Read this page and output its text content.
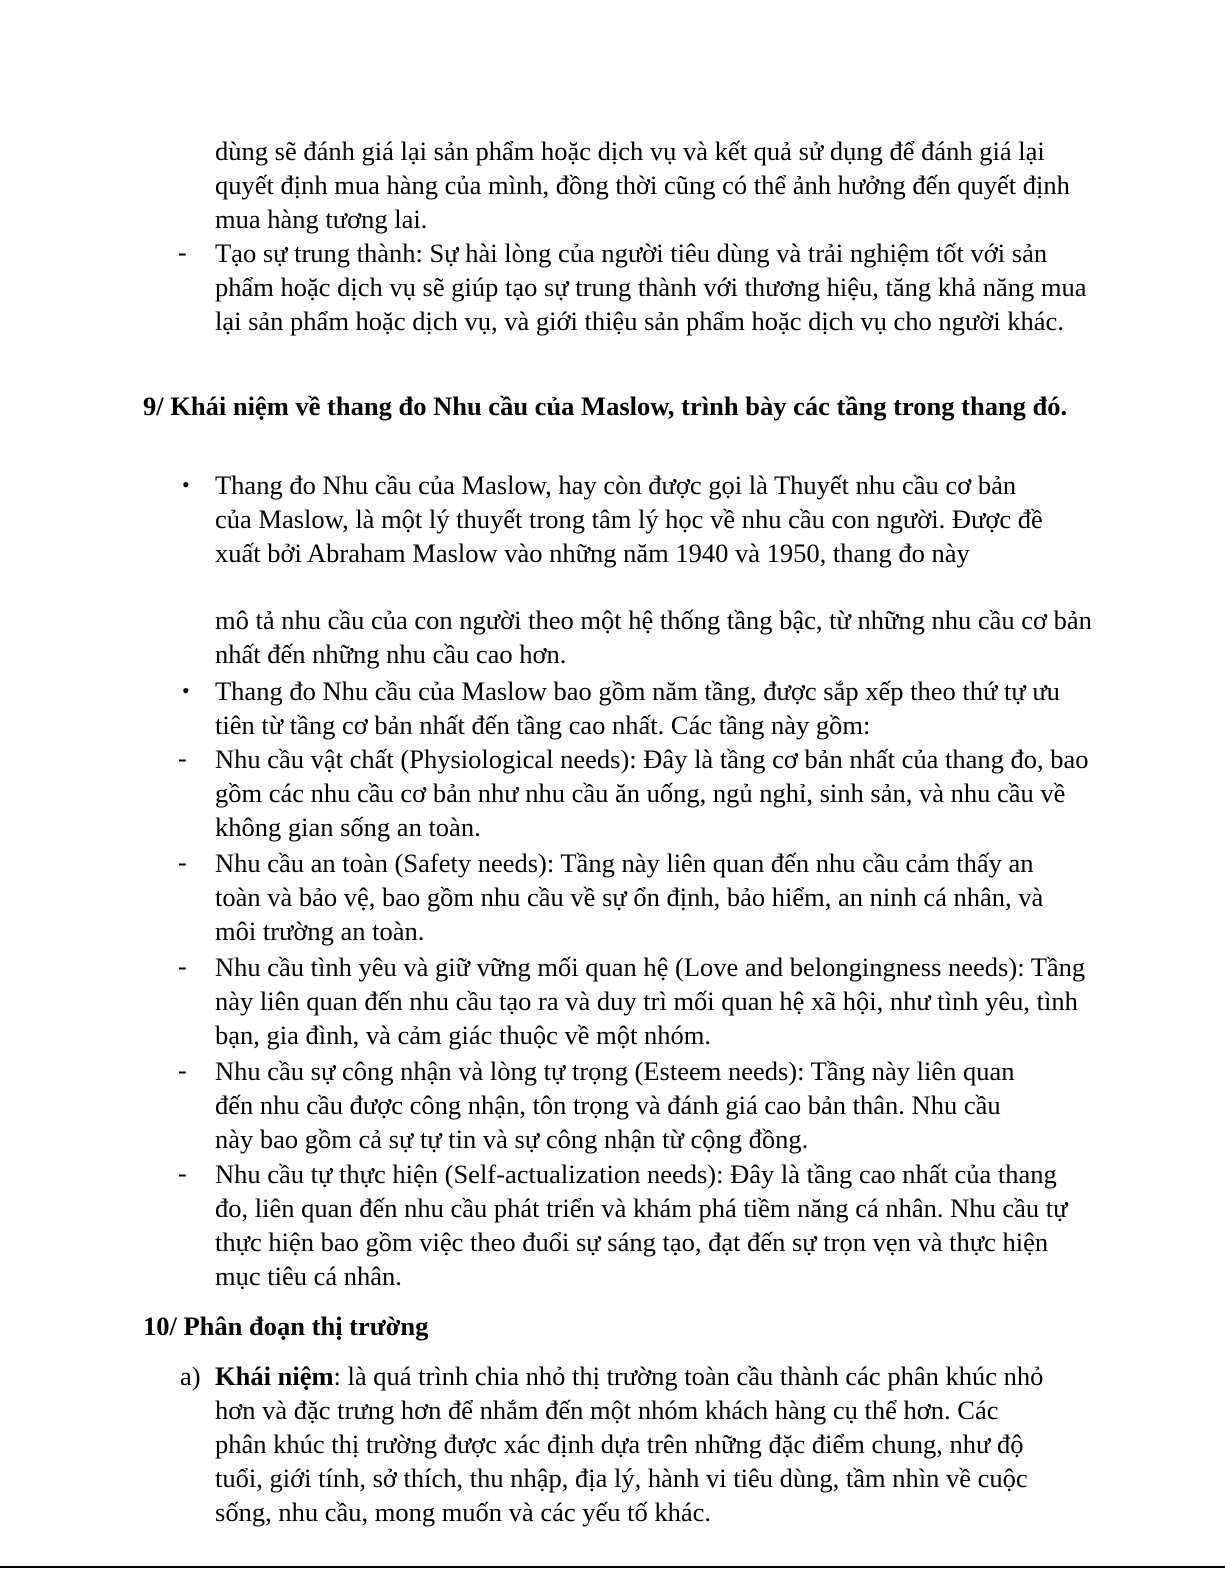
dùng sẽ đánh giá lại sản phẩm hoặc dịch vụ và kết quả sử dụng để đánh giá lại quyết định mua hàng của mình, đồng thời cũng có thể ảnh hưởng đến quyết định mua hàng tương lai.

-	Tạo sự trung thành: Sự hài lòng của người tiêu dùng và trải nghiệm tốt với sản phẩm hoặc dịch vụ sẽ giúp tạo sự trung thành với thương hiệu, tăng khả năng mua lại sản phẩm hoặc dịch vụ, và giới thiệu sản phẩm hoặc dịch vụ cho người khác.

9/ Khái niệm về thang đo Nhu cầu của Maslow, trình bày các tầng trong thang đó.

• Thang đo Nhu cầu của Maslow, hay còn được gọi là Thuyết nhu cầu cơ bản của Maslow, là một lý thuyết trong tâm lý học về nhu cầu con người. Được đề xuất bởi Abraham Maslow vào những năm 1940 và 1950, thang đo này

mô tả nhu cầu của con người theo một hệ thống tầng bậc, từ những nhu cầu cơ bản nhất đến những nhu cầu cao hơn.

• Thang đo Nhu cầu của Maslow bao gồm năm tầng, được sắp xếp theo thứ tự ưu tiên từ tầng cơ bản nhất đến tầng cao nhất. Các tầng này gồm:

-	Nhu cầu vật chất (Physiological needs): Đây là tầng cơ bản nhất của thang đo, bao gồm các nhu cầu cơ bản như nhu cầu ăn uống, ngủ nghỉ, sinh sản, và nhu cầu về không gian sống an toàn.

-	Nhu cầu an toàn (Safety needs): Tầng này liên quan đến nhu cầu cảm thấy an toàn và bảo vệ, bao gồm nhu cầu về sự ổn định, bảo hiểm, an ninh cá nhân, và môi trường an toàn.

-	Nhu cầu tình yêu và giữ vững mối quan hệ (Love and belongingness needs): Tầng này liên quan đến nhu cầu tạo ra và duy trì mối quan hệ xã hội, như tình yêu, tình bạn, gia đình, và cảm giác thuộc về một nhóm.

-	Nhu cầu sự công nhận và lòng tự trọng (Esteem needs): Tầng này liên quan đến nhu cầu được công nhận, tôn trọng và đánh giá cao bản thân. Nhu cầu này bao gồm cả sự tự tin và sự công nhận từ cộng đồng.

-	Nhu cầu tự thực hiện (Self-actualization needs): Đây là tầng cao nhất của thang đo, liên quan đến nhu cầu phát triển và khám phá tiềm năng cá nhân. Nhu cầu tự thực hiện bao gồm việc theo đuổi sự sáng tạo, đạt đến sự trọn vẹn và thực hiện mục tiêu cá nhân.

10/ Phân đoạn thị trường

a) Khái niệm: là quá trình chia nhỏ thị trường toàn cầu thành các phân khúc nhỏ hơn và đặc trưng hơn để nhắm đến một nhóm khách hàng cụ thể hơn. Các phân khúc thị trường được xác định dựa trên những đặc điểm chung, như độ tuổi, giới tính, sở thích, thu nhập, địa lý, hành vi tiêu dùng, tầm nhìn về cuộc sống, nhu cầu, mong muốn và các yếu tố khác.
